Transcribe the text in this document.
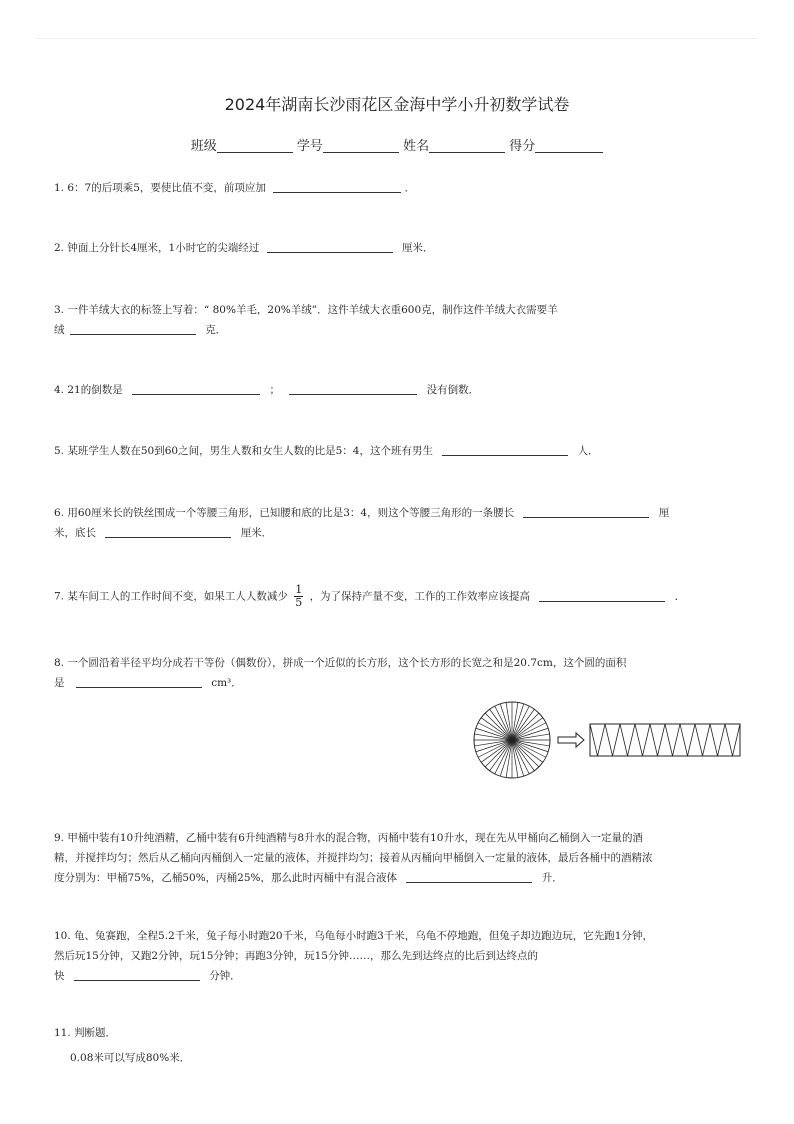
2024年湖南长沙雨花区金海中学小升初数学试卷
班级	学号	姓名	得分
1. 6：7的后项乘5，要使比值不变，前项应加	．
2. 钟面上分针长4厘米，1小时它的尖端经过	厘米．
3. 一件羊绒大衣的标签上写着：“ 80%羊毛，20%羊绒”．这件羊绒大衣重600克，制作这件羊绒大衣需要羊
绒	克．
4. 21的倒数是	；	没有倒数．
5. 某班学生人数在50到60之间，男生人数和女生人数的比是5：4，这个班有男生	人．
6. 用60厘米长的铁丝围成一个等腰三角形，已知腰和底的比是3：4，则这个等腰三角形的一条腰长	厘
米，底长	厘米．
7. 某车间工人的工作时间不变，如果工人人数减少 $\frac{1}{5}$ ，为了保持产量不变，工作的工作效率应该提高	．
8. 一个圆沿着半径平均分成若干等份（偶数份），拼成一个近似的长方形，这个长方形的长宽之和是20.7cm，这个圆的面积
是	cm³．
9. 甲桶中装有10升纯酒精，乙桶中装有6升纯酒精与8升水的混合物，丙桶中装有10升水，现在先从甲桶向乙桶倒入一定量的酒
精，并搅拌均匀；然后从乙桶向丙桶倒入一定量的液体，并搅拌均匀；接着从丙桶向甲桶倒入一定量的液体，最后各桶中的酒精浓
度分别为：甲桶75%，乙桶50%，丙桶25%，那么此时丙桶中有混合液体	升．
10. 龟、兔赛跑，全程5.2千米，兔子每小时跑20千米，乌龟每小时跑3千米，乌龟不停地跑，但兔子却边跑边玩，它先跑1分钟，
然后玩15分钟，又跑2分钟，玩15分钟；再跑3分钟，玩15分钟……，那么先到达终点的比后到达终点的
快	分钟．
11. 判断题．
0.08米可以写成80%米．
